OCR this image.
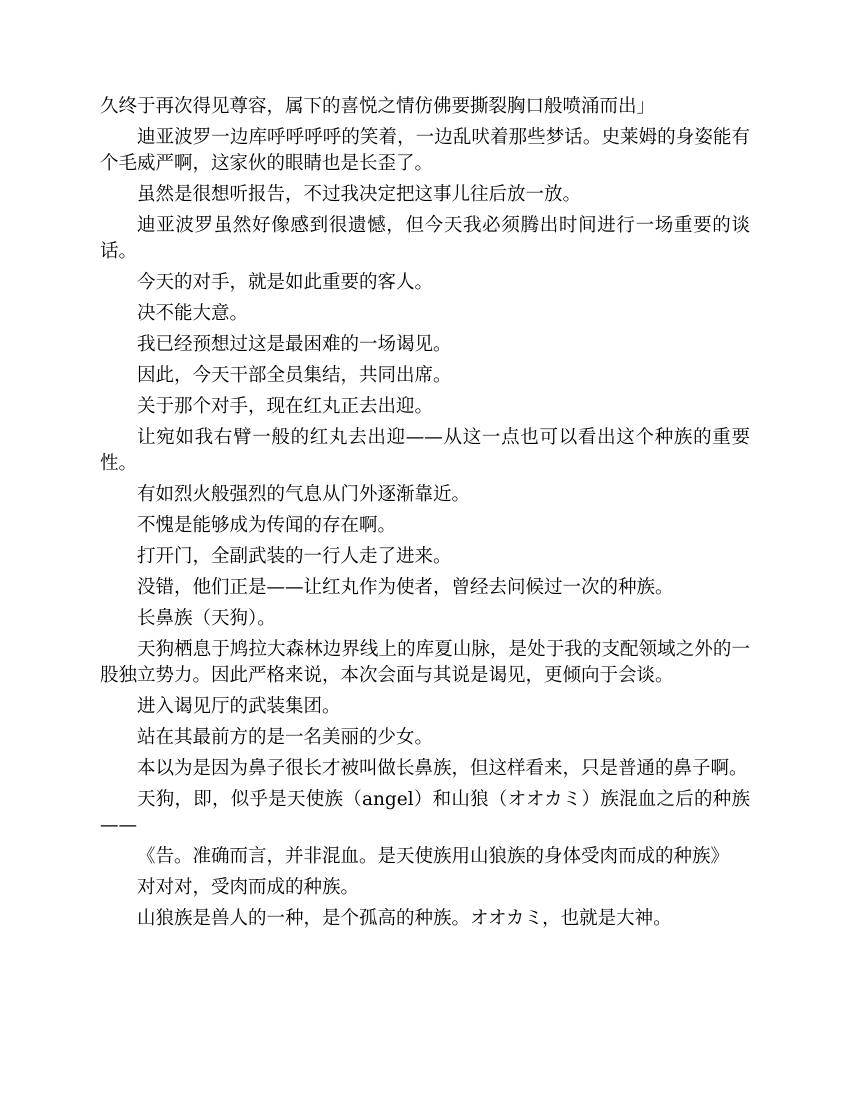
久终于再次得见尊容，属下的喜悦之情仿佛要撕裂胸口般喷涌而出」

迪亚波罗一边库呼呼呼呼的笑着，一边乱吠着那些梦话。史莱姆的身姿能有个毛威严啊，这家伙的眼睛也是长歪了。

虽然是很想听报告，不过我决定把这事儿往后放一放。

迪亚波罗虽然好像感到很遗憾，但今天我必须腾出时间进行一场重要的谈话。

今天的对手，就是如此重要的客人。

决不能大意。

我已经预想过这是最困难的一场谒见。

因此，今天干部全员集结，共同出席。

关于那个对手，现在红丸正去出迎。

让宛如我右臂一般的红丸去出迎——从这一点也可以看出这个种族的重要性。

有如烈火般强烈的气息从门外逐渐靠近。

不愧是能够成为传闻的存在啊。

打开门，全副武装的一行人走了进来。

没错，他们正是——让红丸作为使者，曾经去问候过一次的种族。

长鼻族（天狗）。

天狗栖息于鸠拉大森林边界线上的库夏山脉，是处于我的支配领域之外的一股独立势力。因此严格来说，本次会面与其说是谒见，更倾向于会谈。

进入谒见厅的武装集团。

站在其最前方的是一名美丽的少女。

本以为是因为鼻子很长才被叫做长鼻族，但这样看来，只是普通的鼻子啊。

天狗，即，似乎是天使族（angel）和山狼（オオカミ）族混血之后的种族——

《告。准确而言，并非混血。是天使族用山狼族的身体受肉而成的种族》

对对对，受肉而成的种族。

山狼族是兽人的一种，是个孤高的种族。オオカミ，也就是大神。
